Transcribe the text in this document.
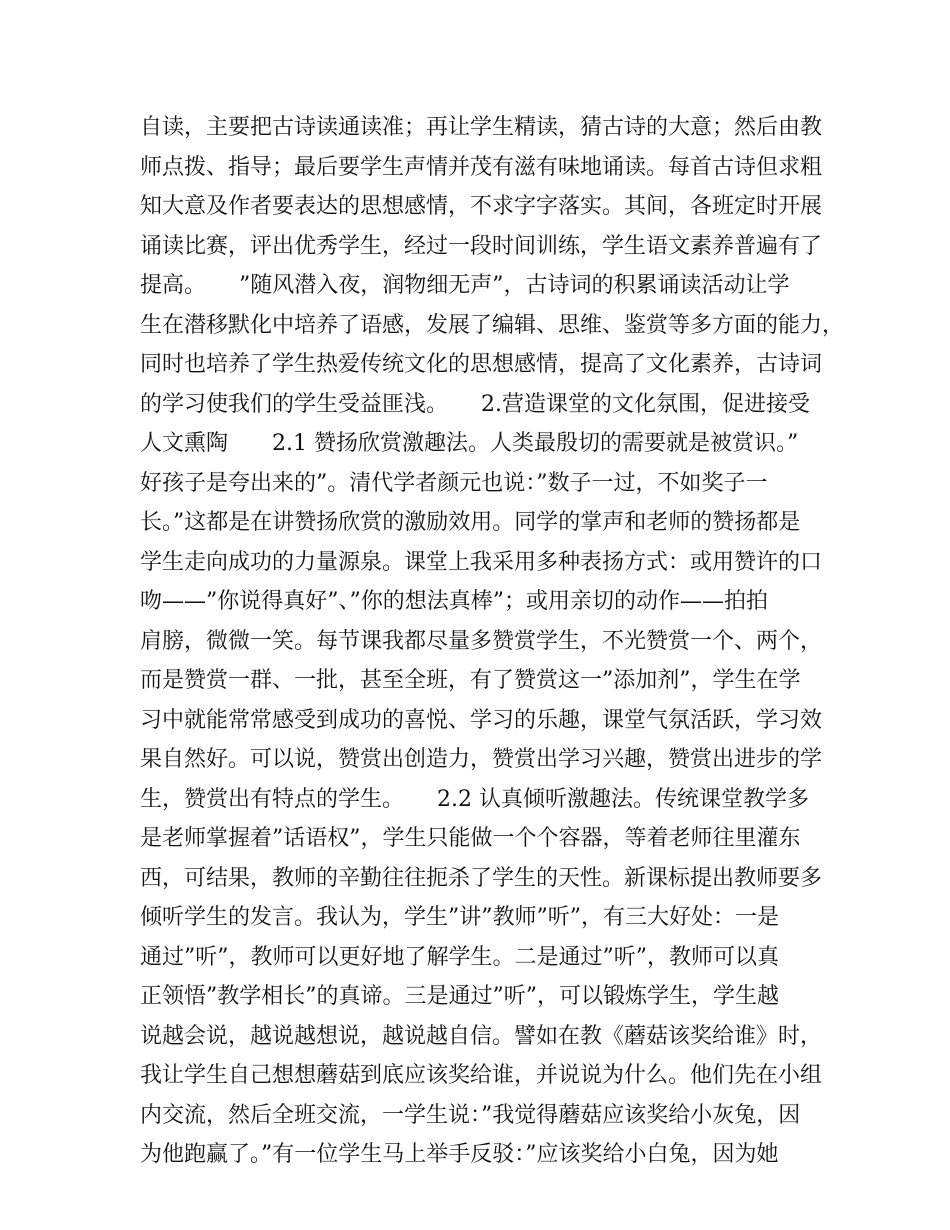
自读，主要把古诗读通读准；再让学生精读，猜古诗的大意；然后由教
师点拨、指导；最后要学生声情并茂有滋有味地诵读。每首古诗但求粗
知大意及作者要表达的思想感情，不求字字落实。其间，各班定时开展
诵读比赛，评出优秀学生，经过一段时间训练，学生语文素养普遍有了
提高。　　”随风潜入夜，润物细无声”，古诗词的积累诵读活动让学
生在潜移默化中培养了语感，发展了编辑、思维、鉴赏等多方面的能力，
同时也培养了学生热爱传统文化的思想感情，提高了文化素养，古诗词
的学习使我们的学生受益匪浅。　　2.营造课堂的文化氛围，促进接受
人文熏陶　　2.1 赞扬欣赏激趣法。人类最殷切的需要就是被赏识。”
好孩子是夸出来的”。清代学者颜元也说：”数子一过，不如奖子一
长。”这都是在讲赞扬欣赏的激励效用。同学的掌声和老师的赞扬都是
学生走向成功的力量源泉。课堂上我采用多种表扬方式：或用赞许的口
吻——”你说得真好”、”你的想法真棒”；或用亲切的动作——拍拍
肩膀，微微一笑。每节课我都尽量多赞赏学生，不光赞赏一个、两个，
而是赞赏一群、一批，甚至全班，有了赞赏这一”添加剂”，学生在学
习中就能常常感受到成功的喜悦、学习的乐趣，课堂气氛活跃，学习效
果自然好。可以说，赞赏出创造力，赞赏出学习兴趣，赞赏出进步的学
生，赞赏出有特点的学生。　　2.2 认真倾听激趣法。传统课堂教学多
是老师掌握着”话语权”，学生只能做一个个容器，等着老师往里灌东
西，可结果，教师的辛勤往往扼杀了学生的天性。新课标提出教师要多
倾听学生的发言。我认为，学生”讲”教师”听”，有三大好处：一是
通过”听”，教师可以更好地了解学生。二是通过”听”，教师可以真
正领悟”教学相长”的真谛。三是通过”听”，可以锻炼学生，学生越
说越会说，越说越想说，越说越自信。譬如在教《蘑菇该奖给谁》时，
我让学生自己想想蘑菇到底应该奖给谁，并说说为什么。他们先在小组
内交流，然后全班交流，一学生说：”我觉得蘑菇应该奖给小灰兔，因
为他跑赢了。”有一位学生马上举手反驳：”应该奖给小白兔，因为她
